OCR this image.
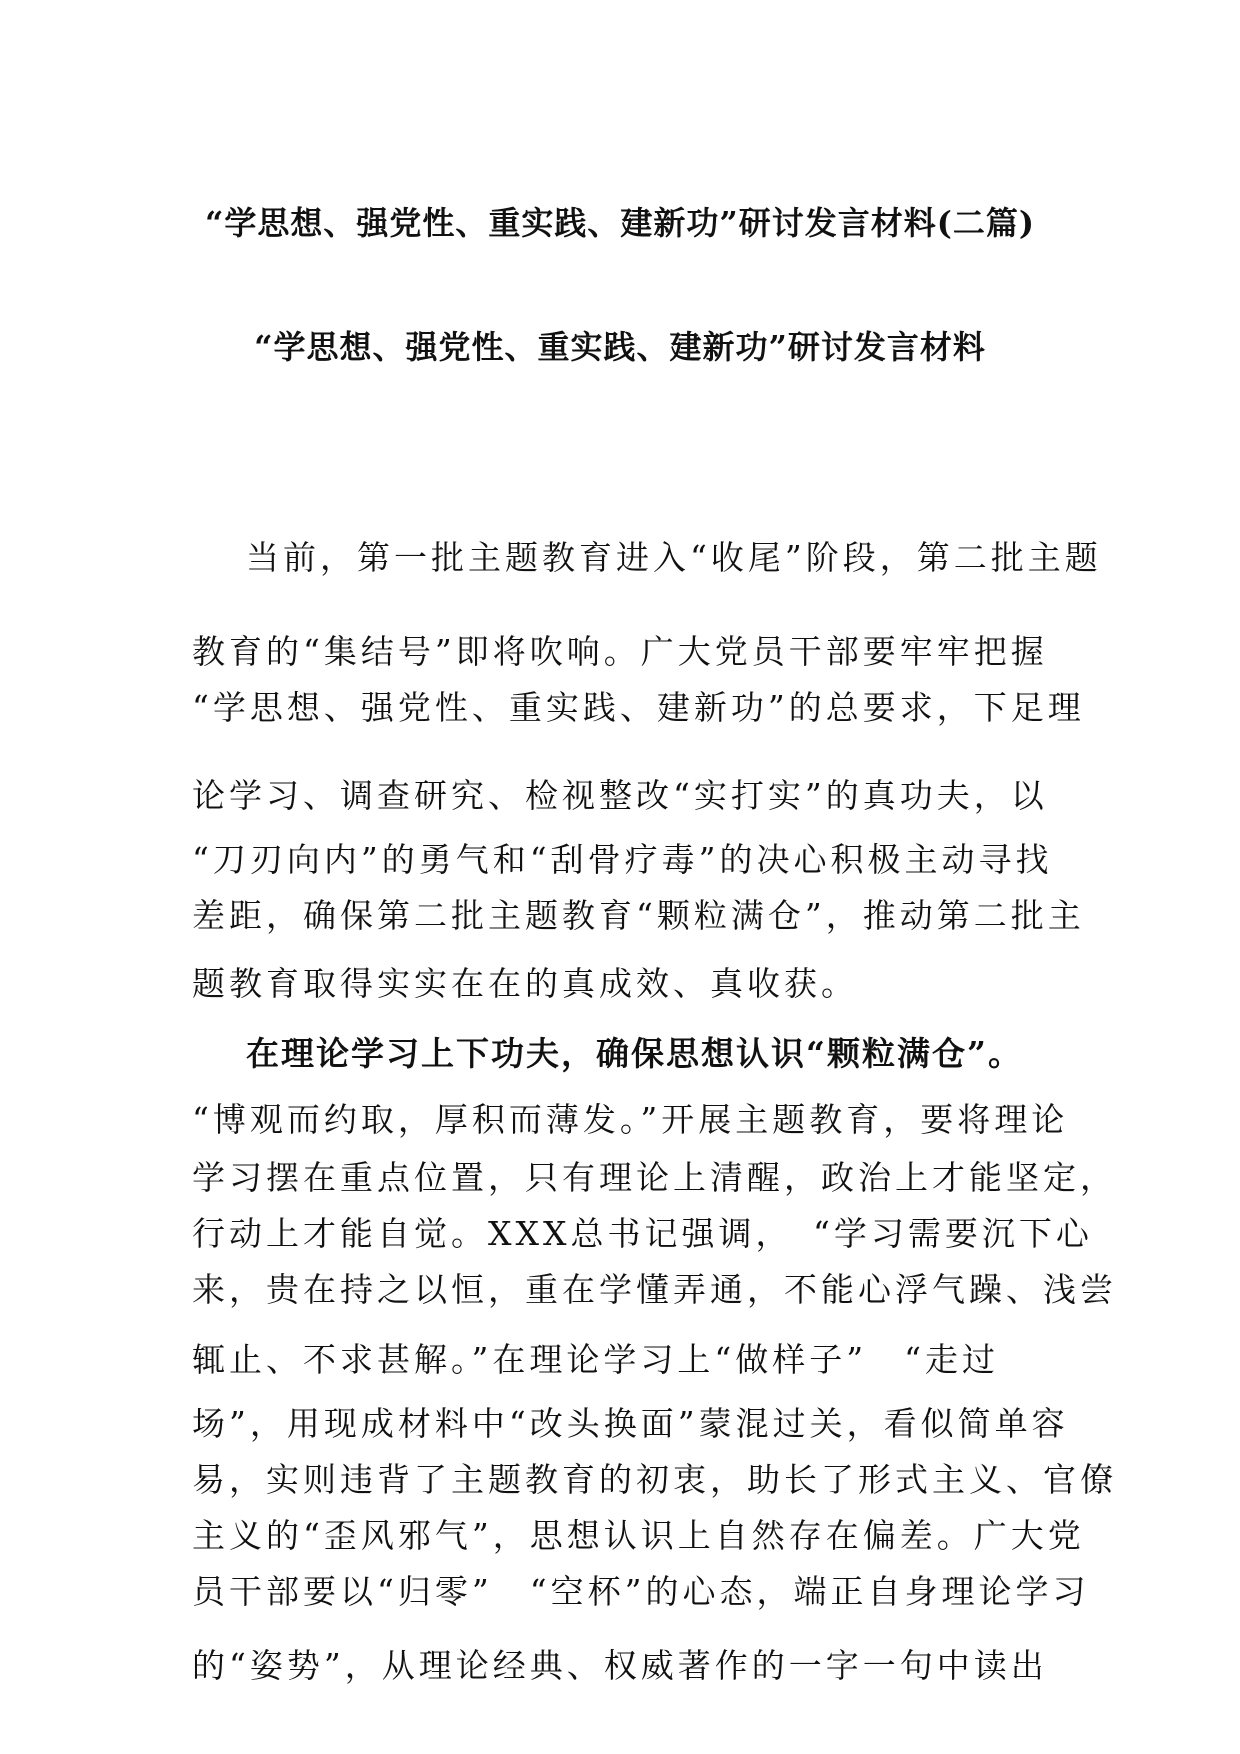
“学思想、强党性、重实践、建新功”研讨发言材料(二篇)
“学思想、强党性、重实践、建新功”研讨发言材料
当前，第一批主题教育进入“收尾”阶段，第二批主题
教育的“集结号”即将吹响。广大党员干部要牢牢把握
“学思想、强党性、重实践、建新功”的总要求，下足理
论学习、调查研究、检视整改“实打实”的真功夫，以
“刀刃向内”的勇气和“刮骨疗毒”的决心积极主动寻找
差距，确保第二批主题教育“颗粒满仓”，推动第二批主
题教育取得实实在在的真成效、真收获。
在理论学习上下功夫，确保思想认识“颗粒满仓”。
“博观而约取，厚积而薄发。”开展主题教育，要将理论
学习摆在重点位置，只有理论上清醒，政治上才能坚定，
行动上才能自觉。XXX总书记强调，　“学习需要沉下心
来，贵在持之以恒，重在学懂弄通，不能心浮气躁、浅尝
辄止、不求甚解。”在理论学习上“做样子”　“走过
场”，用现成材料中“改头换面”蒙混过关，看似简单容
易，实则违背了主题教育的初衷，助长了形式主义、官僚
主义的“歪风邪气”，思想认识上自然存在偏差。广大党
员干部要以“归零”　“空杯”的心态，端正自身理论学习
的“姿势”，从理论经典、权威著作的一字一句中读出
